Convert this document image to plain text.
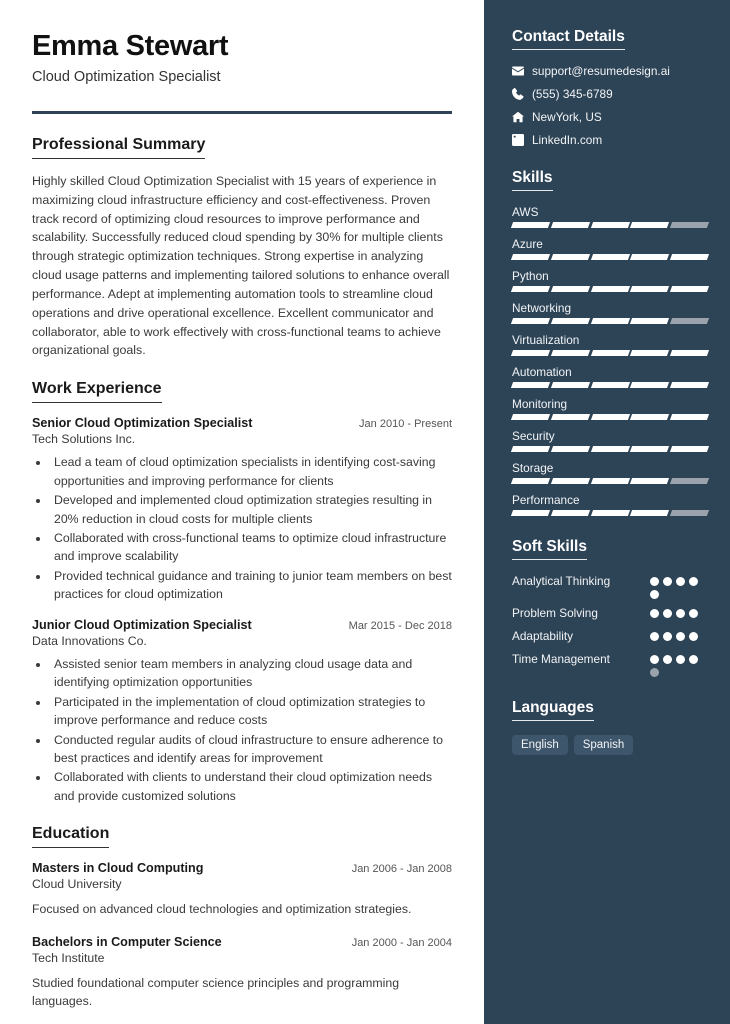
Emma Stewart
Cloud Optimization Specialist
Professional Summary
Highly skilled Cloud Optimization Specialist with 15 years of experience in maximizing cloud infrastructure efficiency and cost-effectiveness. Proven track record of optimizing cloud resources to improve performance and scalability. Successfully reduced cloud spending by 30% for multiple clients through strategic optimization techniques. Strong expertise in analyzing cloud usage patterns and implementing tailored solutions to enhance overall performance. Adept at implementing automation tools to streamline cloud operations and drive operational excellence. Excellent communicator and collaborator, able to work effectively with cross-functional teams to achieve organizational goals.
Work Experience
Senior Cloud Optimization Specialist	Jan 2010 - Present
Tech Solutions Inc.
• Lead a team of cloud optimization specialists in identifying cost-saving opportunities and improving performance for clients
• Developed and implemented cloud optimization strategies resulting in 20% reduction in cloud costs for multiple clients
• Collaborated with cross-functional teams to optimize cloud infrastructure and improve scalability
• Provided technical guidance and training to junior team members on best practices for cloud optimization
Junior Cloud Optimization Specialist	Mar 2015 - Dec 2018
Data Innovations Co.
• Assisted senior team members in analyzing cloud usage data and identifying optimization opportunities
• Participated in the implementation of cloud optimization strategies to improve performance and reduce costs
• Conducted regular audits of cloud infrastructure to ensure adherence to best practices and identify areas for improvement
• Collaborated with clients to understand their cloud optimization needs and provide customized solutions
Education
Masters in Cloud Computing	Jan 2006 - Jan 2008
Cloud University
Focused on advanced cloud technologies and optimization strategies.
Bachelors in Computer Science	Jan 2000 - Jan 2004
Tech Institute
Studied foundational computer science principles and programming languages.
Contact Details
support@resumedesign.ai
(555) 345-6789
NewYork, US
LinkedIn.com
Skills
AWS
Azure
Python
Networking
Virtualization
Automation
Monitoring
Security
Storage
Performance
Soft Skills
Analytical Thinking
Problem Solving
Adaptability
Time Management
Languages
English	Spanish
